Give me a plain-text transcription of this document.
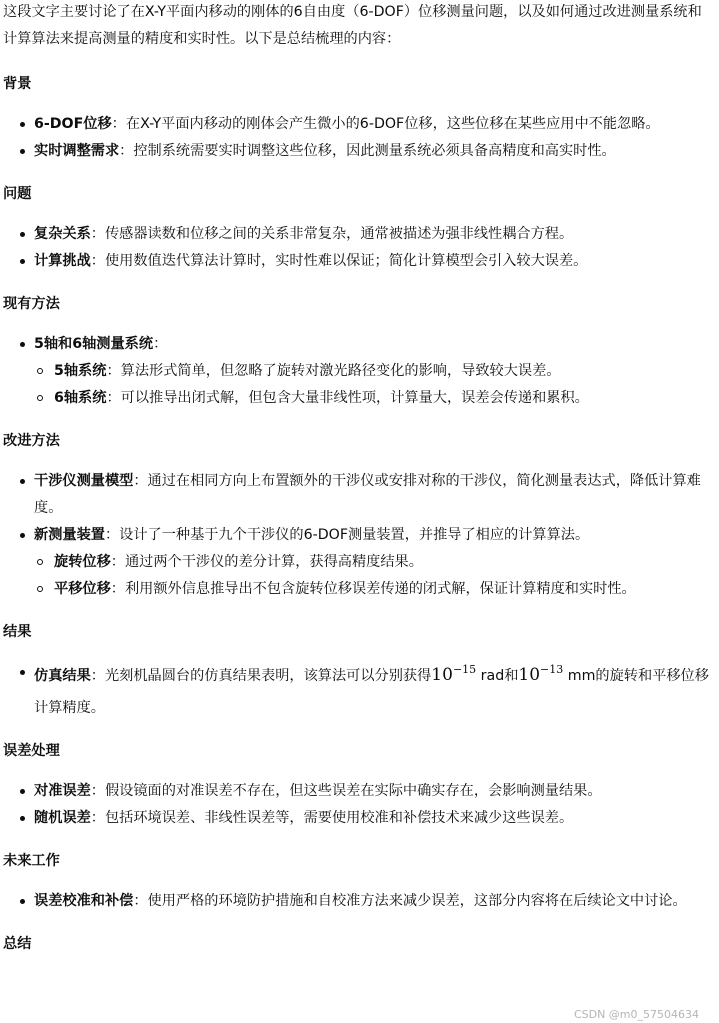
这段文字主要讨论了在X-Y平面内移动的刚体的6自由度（6-DOF）位移测量问题，以及如何通过改进测量系统和计算算法来提高测量的精度和实时性。以下是总结梳理的内容：

背景
6-DOF位移：在X-Y平面内移动的刚体会产生微小的6-DOF位移，这些位移在某些应用中不能忽略。
实时调整需求：控制系统需要实时调整这些位移，因此测量系统必须具备高精度和高实时性。
问题
复杂关系：传感器读数和位移之间的关系非常复杂，通常被描述为强非线性耦合方程。
计算挑战：使用数值迭代算法计算时，实时性难以保证；简化计算模型会引入较大误差。
现有方法
5轴和6轴测量系统：
5轴系统：算法形式简单，但忽略了旋转对激光路径变化的影响，导致较大误差。
6轴系统：可以推导出闭式解，但包含大量非线性项，计算量大，误差会传递和累积。
改进方法
干涉仪测量模型：通过在相同方向上布置额外的干涉仪或安排对称的干涉仪，简化测量表达式，降低计算难度。
新测量装置：设计了一种基于九个干涉仪的6-DOF测量装置，并推导了相应的计算算法。
旋转位移：通过两个干涉仪的差分计算，获得高精度结果。
平移位移：利用额外信息推导出不包含旋转位移误差传递的闭式解，保证计算精度和实时性。
结果
仿真结果：光刻机晶圆台的仿真结果表明，该算法可以分别获得$10^{-15}$ rad和$10^{-13}$ mm的旋转和平移位移计算精度。
误差处理
对准误差：假设镜面的对准误差不存在，但这些误差在实际中确实存在，会影响测量结果。
随机误差：包括环境误差、非线性误差等，需要使用校准和补偿技术来减少这些误差。
未来工作
误差校准和补偿：使用严格的环境防护措施和自校准方法来减少误差，这部分内容将在后续论文中讨论。
总结
CSDN @m0_57504634
